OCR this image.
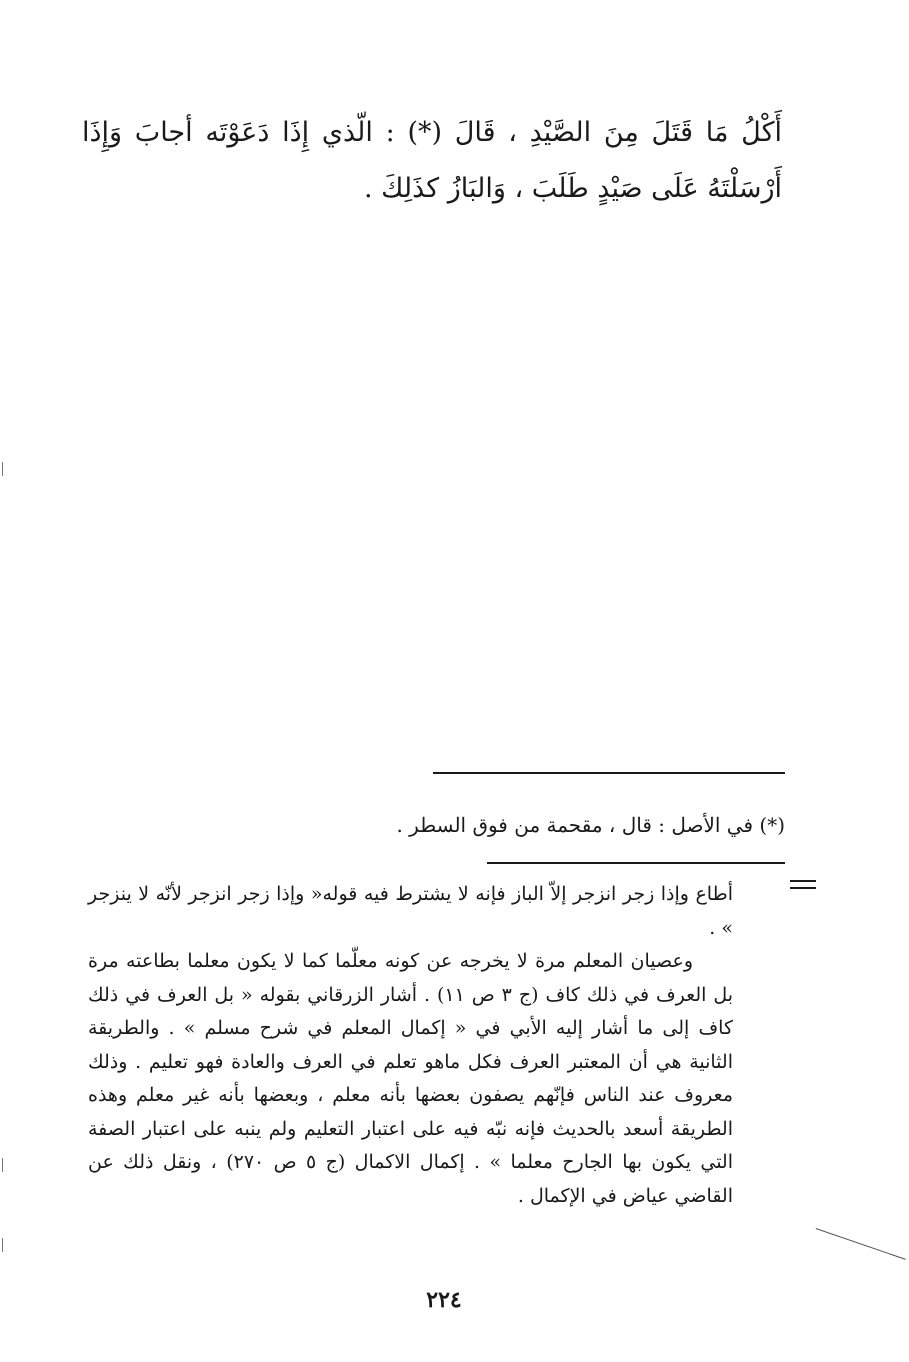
أَكْلُ مَا قَتَلَ مِنَ الصَّيْدِ ، قَالَ (*) : الّذي إِذَا دَعَوْتَه أجابَ وَإِذَا أَرْسَلْتَهُ عَلَى صَيْدٍ طَلَبَ ، وَالبَازُ كذَلِكَ .

(*) في الأصل : قال ، مقحمة من فوق السطر .

أطاع وإذا زجر انزجر إلاّ الباز فإنه لا يشترط فيه قوله« وإذا زجر انزجر لأنّه لا ينزجر » .

وعصيان المعلم مرة لا يخرجه عن كونه معلّما كما لا يكون معلما بطاعته مرة بل العرف في ذلك كاف (ج ٣ ص ١١) . أشار الزرقاني بقوله « بل العرف في ذلك كاف إلى ما أشار إليه الأبي في « إكمال المعلم في شرح مسلم » . والطريقة الثانية هي أن المعتبر العرف فكل ماهو تعلم في العرف والعادة فهو تعليم . وذلك معروف عند الناس فإنّهم يصفون بعضها بأنه معلم ، وبعضها بأنه غير معلم وهذه الطريقة أسعد بالحديث فإنه نبّه فيه على اعتبار التعليم ولم ينبه على اعتبار الصفة التي يكون بها الجارح معلما » . إكمال الاكمال (ج ٥ ص ٢٧٠) ، ونقل ذلك عن القاضي عياض في الإكمال .

٢٢٤
